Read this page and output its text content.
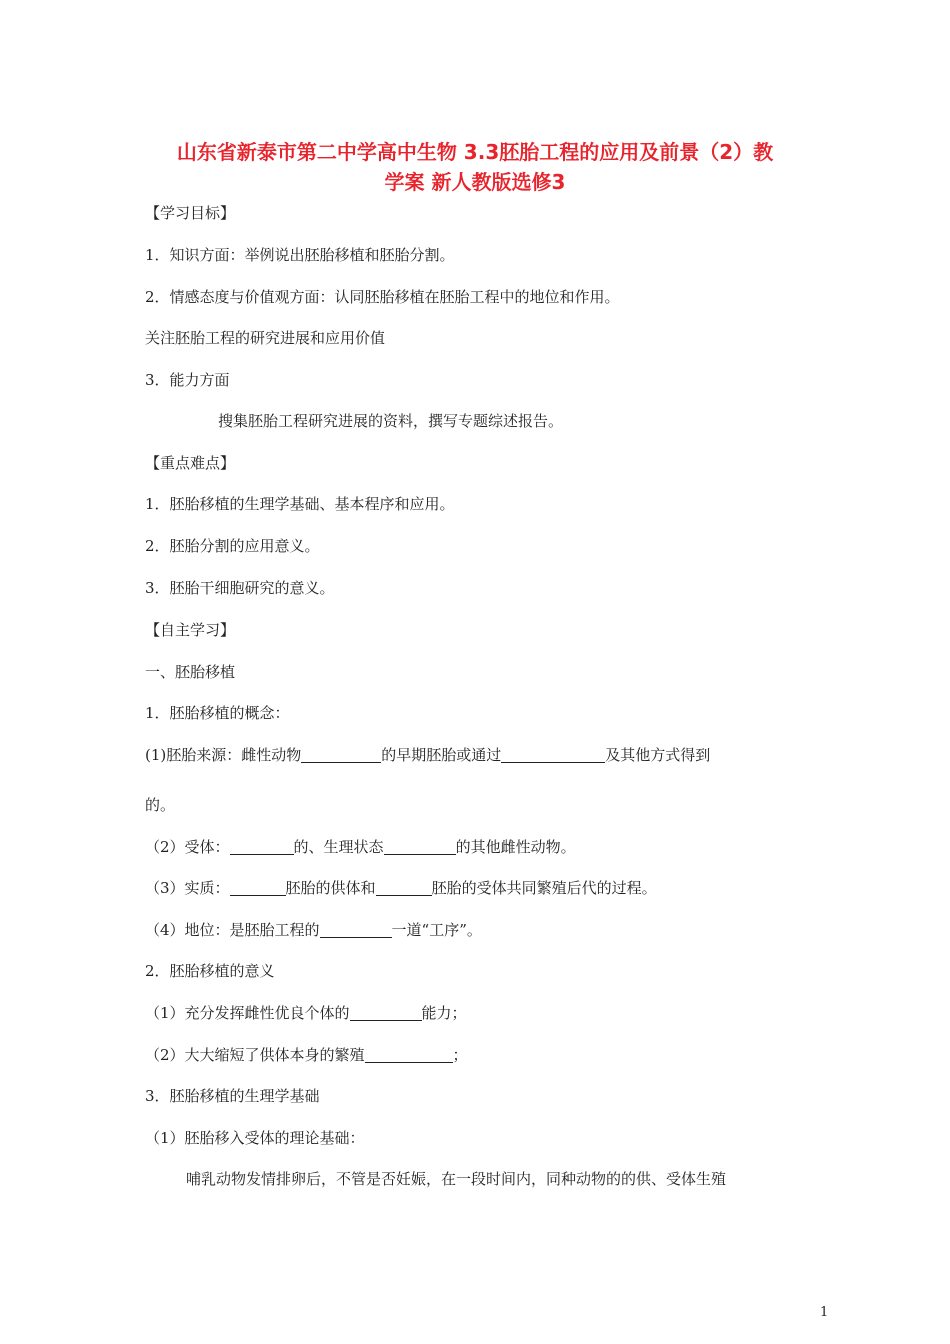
山东省新泰市第二中学高中生物 3.3胚胎工程的应用及前景（2）教
学案 新人教版选修3
【学习目标】
1．知识方面：举例说出胚胎移植和胚胎分割。
2．情感态度与价值观方面：认同胚胎移植在胚胎工程中的地位和作用。
关注胚胎工程的研究进展和应用价值
3．能力方面
搜集胚胎工程研究进展的资料，撰写专题综述报告。
【重点难点】
1．胚胎移植的生理学基础、基本程序和应用。
2．胚胎分割的应用意义。
3．胚胎干细胞研究的意义。
【自主学习】
一、胚胎移植
1．胚胎移植的概念：
(1)胚胎来源：雌性动物	的早期胚胎或通过	及其他方式得到
的。
（2）受体：	的、生理状态	的其他雌性动物。
（3）实质：	胚胎的供体和	胚胎的受体共同繁殖后代的过程。
（4）地位：是胚胎工程的	一道“工序”。
2．胚胎移植的意义
（1）充分发挥雌性优良个体的	能力；
（2）大大缩短了供体本身的繁殖	；
3．胚胎移植的生理学基础
（1）胚胎移入受体的理论基础：
哺乳动物发情排卵后，不管是否妊娠，在一段时间内，同种动物的的供、受体生殖
1
